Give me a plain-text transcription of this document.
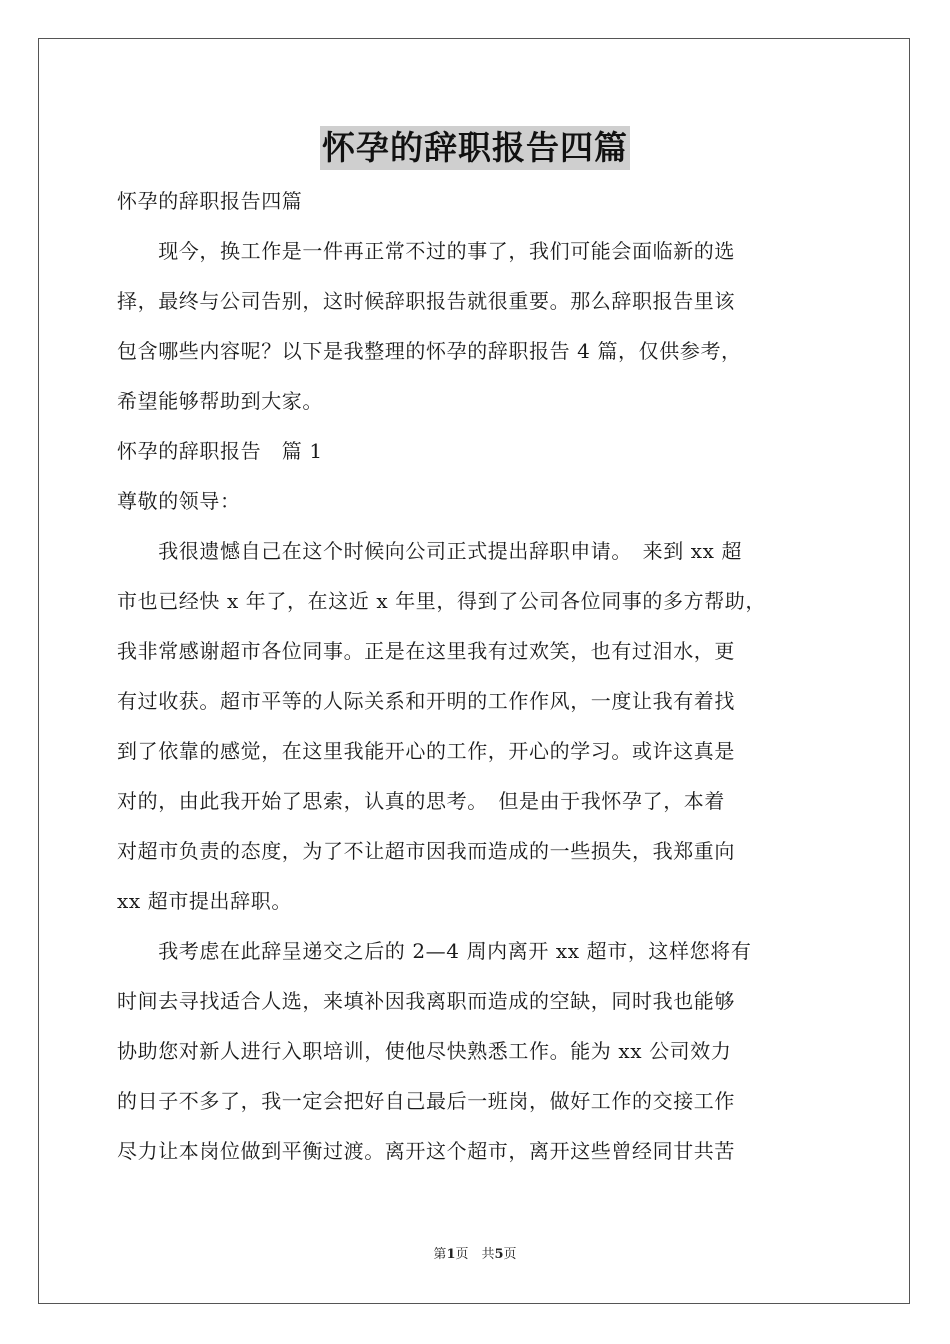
怀孕的辞职报告四篇
怀孕的辞职报告四篇
　　现今，换工作是一件再正常不过的事了，我们可能会面临新的选
择，最终与公司告别，这时候辞职报告就很重要。那么辞职报告里该
包含哪些内容呢？以下是我整理的怀孕的辞职报告 4 篇，仅供参考，
希望能够帮助到大家。
怀孕的辞职报告　篇 1
尊敬的领导：
　　我很遗憾自己在这个时候向公司正式提出辞职申请。　来到 xx 超
市也已经快 x 年了，在这近 x 年里，得到了公司各位同事的多方帮助，
我非常感谢超市各位同事。正是在这里我有过欢笑，也有过泪水，更
有过收获。超市平等的人际关系和开明的工作作风，一度让我有着找
到了依靠的感觉，在这里我能开心的工作，开心的学习。或许这真是
对的，由此我开始了思索，认真的思考。　但是由于我怀孕了，本着
对超市负责的态度，为了不让超市因我而造成的一些损失，我郑重向
xx 超市提出辞职。
　　我考虑在此辞呈递交之后的 2—4 周内离开 xx 超市，这样您将有
时间去寻找适合人选，来填补因我离职而造成的空缺，同时我也能够
协助您对新人进行入职培训，使他尽快熟悉工作。能为 xx 公司效力
的日子不多了，我一定会把好自己最后一班岗，做好工作的交接工作
尽力让本岗位做到平衡过渡。离开这个超市，离开这些曾经同甘共苦
第1页　共5页
